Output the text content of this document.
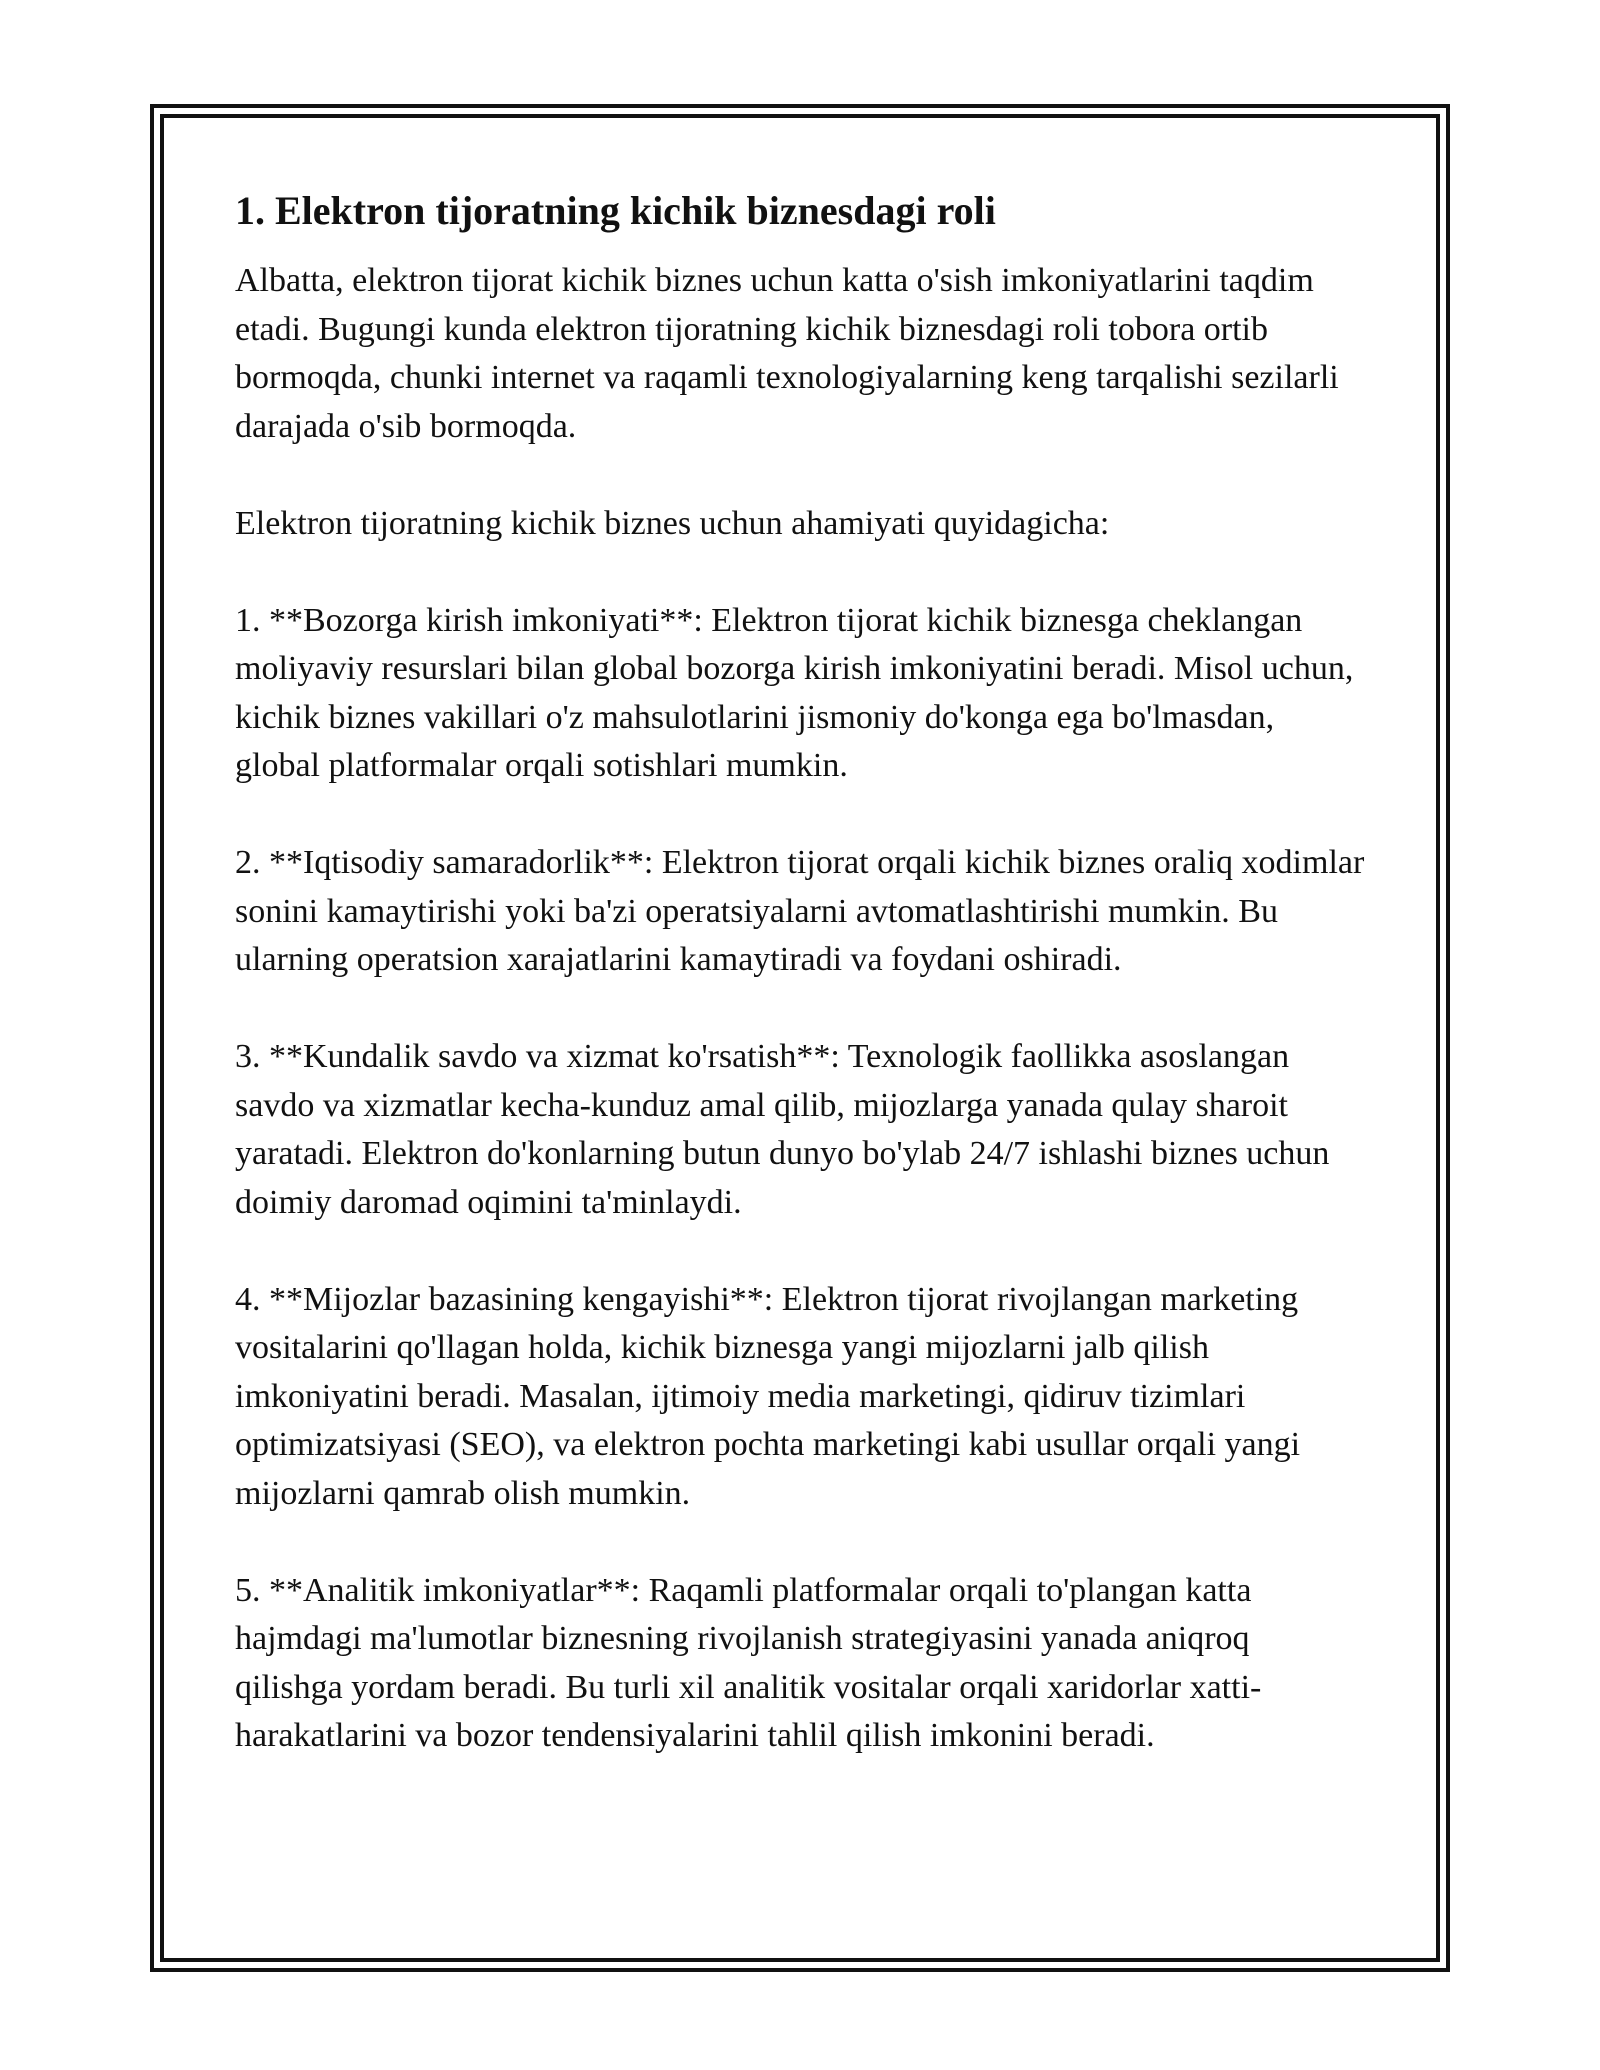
1. Elektron tijoratning kichik biznesdagi roli

Albatta, elektron tijorat kichik biznes uchun katta o'sish imkoniyatlarini taqdim etadi. Bugungi kunda elektron tijoratning kichik biznesdagi roli tobora ortib bormoqda, chunki internet va raqamli texnologiyalarning keng tarqalishi sezilarli darajada o'sib bormoqda.

Elektron tijoratning kichik biznes uchun ahamiyati quyidagicha:

1. **Bozorga kirish imkoniyati**: Elektron tijorat kichik biznesga cheklangan moliyaviy resurslari bilan global bozorga kirish imkoniyatini beradi. Misol uchun, kichik biznes vakillari o'z mahsulotlarini jismoniy do'konga ega bo'lmasdan, global platformalar orqali sotishlari mumkin.

2. **Iqtisodiy samaradorlik**: Elektron tijorat orqali kichik biznes oraliq xodimlar sonini kamaytirishi yoki ba'zi operatsiyalarni avtomatlashtirishi mumkin. Bu ularning operatsion xarajatlarini kamaytiradi va foydani oshiradi.

3. **Kundalik savdo va xizmat ko'rsatish**: Texnologik faollikka asoslangan savdo va xizmatlar kecha-kunduz amal qilib, mijozlarga yanada qulay sharoit yaratadi. Elektron do'konlarning butun dunyo bo'ylab 24/7 ishlashi biznes uchun doimiy daromad oqimini ta'minlaydi.

4. **Mijozlar bazasining kengayishi**: Elektron tijorat rivojlangan marketing vositalarini qo'llagan holda, kichik biznesga yangi mijozlarni jalb qilish imkoniyatini beradi. Masalan, ijtimoiy media marketingi, qidiruv tizimlari optimizatsiyasi (SEO), va elektron pochta marketingi kabi usullar orqali yangi mijozlarni qamrab olish mumkin.

5. **Analitik imkoniyatlar**: Raqamli platformalar orqali to'plangan katta hajmdagi ma'lumotlar biznesning rivojlanish strategiyasini yanada aniqroq qilishga yordam beradi. Bu turli xil analitik vositalar orqali xaridorlar xatti-harakatlarini va bozor tendensiyalarini tahlil qilish imkonini beradi.
